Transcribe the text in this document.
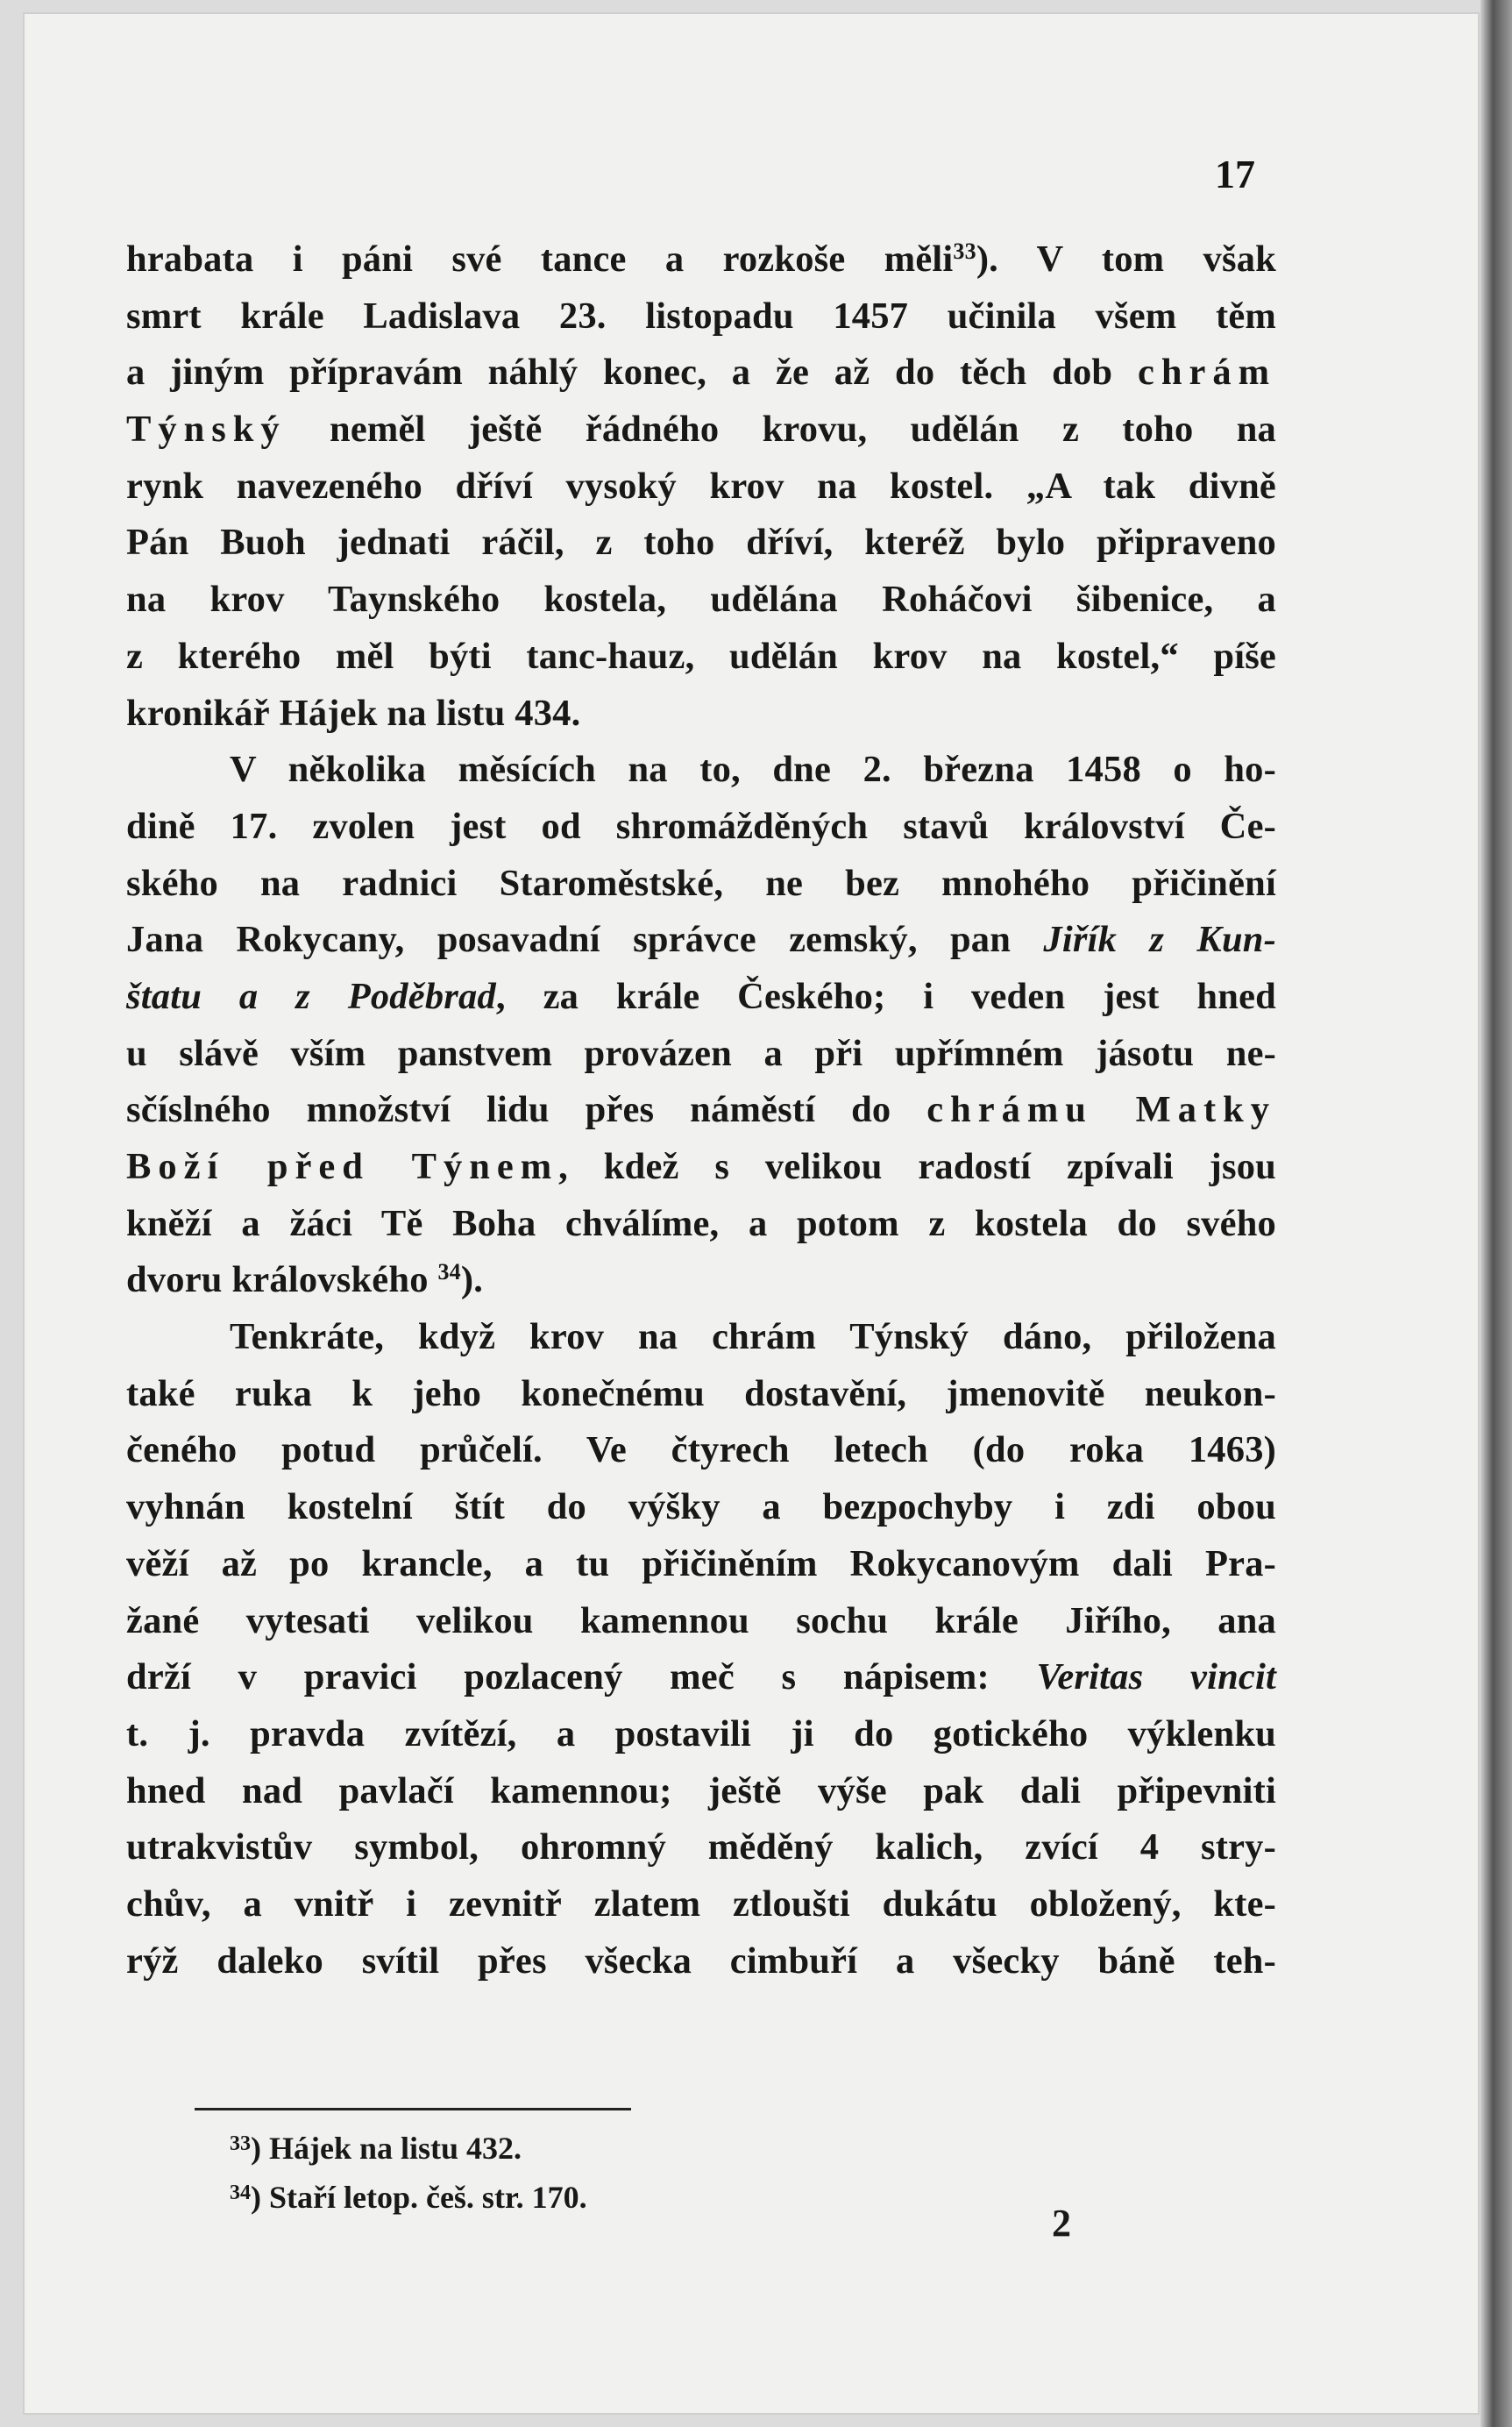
17
hrabata i páni své tance a rozkoše měli$^{33}$). V tom však
smrt krále Ladislava 23. listopadu 1457 učinila všem těm
a jiným přípravám náhlý konec, a že až do těch dob chrám
Týnský neměl ještě řádného krovu, udělán z toho na
rynk navezeného dříví vysoký krov na kostel. „A tak divně
Pán Buoh jednati ráčil, z toho dříví, kteréž bylo připraveno
na krov Taynského kostela, udělána Roháčovi šibenice, a
z kterého měl býti tanc-hauz, udělán krov na kostel,“ píše
kronikář Hájek na listu 434.
V několika měsících na to, dne 2. března 1458 o ho-
dině 17. zvolen jest od shromážděných stavů království Če-
ského na radnici Staroměstské, ne bez mnohého přičinění
Jana Rokycany, posavadní správce zemský, pan Jiřík z Kun-
štatu a z Poděbrad, za krále Českého; i veden jest hned
u slávě vším panstvem provázen a při upřímném jásotu ne-
sčíslného množství lidu přes náměstí do chrámu Matky
Boží před Týnem, kdež s velikou radostí zpívali jsou
kněží a žáci Tě Boha chválíme, a potom z kostela do svého
dvoru královského $^{34}$).
Tenkráte, když krov na chrám Týnský dáno, přiložena
také ruka k jeho konečnému dostavění, jmenovitě neukon-
čeného potud průčelí. Ve čtyrech letech (do roka 1463)
vyhnán kostelní štít do výšky a bezpochyby i zdi obou
věží až po krancle, a tu přičiněním Rokycanovým dali Pra-
žané vytesati velikou kamennou sochu krále Jiřího, ana
drží v pravici pozlacený meč s nápisem: Veritas vincit
t. j. pravda zvítězí, a postavili ji do gotického výklenku
hned nad pavlačí kamennou; ještě výše pak dali připevniti
utrakvistův symbol, ohromný měděný kalich, zvící 4 stry-
chův, a vnitř i zevnitř zlatem ztloušti dukátu obložený, kte-
rýž daleko svítil přes všecka cimbuří a všecky báně teh-
$^{33}$) Hájek na listu 432.
$^{34}$) Staří letop. češ. str. 170.
2
